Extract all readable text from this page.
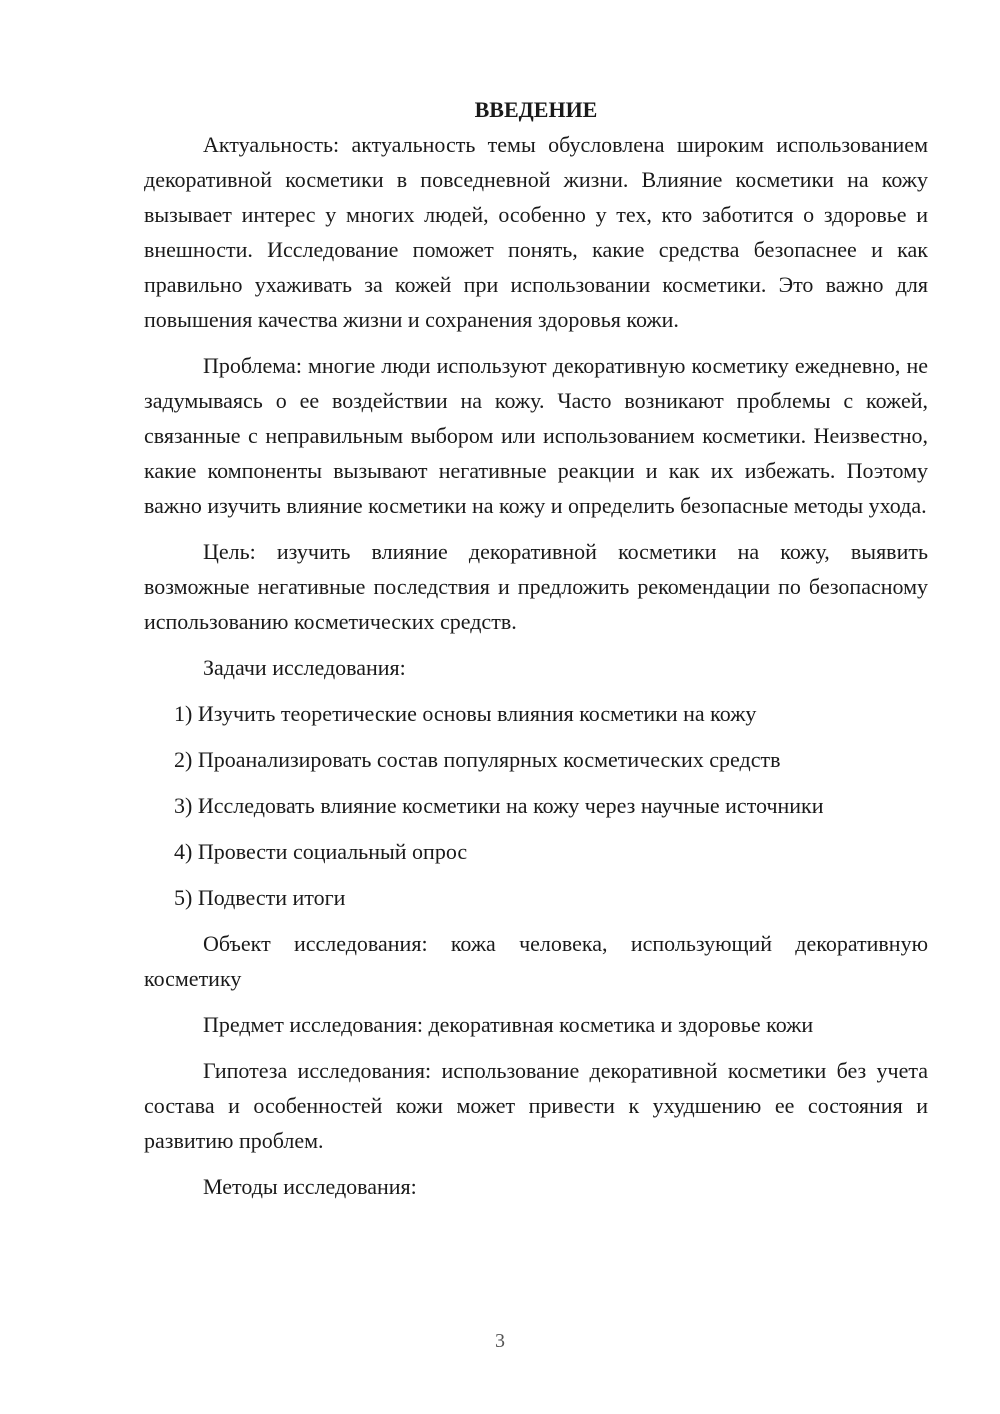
ВВЕДЕНИЕ

Актуальность: актуальность темы обусловлена широким использованием декоративной косметики в повседневной жизни. Влияние косметики на кожу вызывает интерес у многих людей, особенно у тех, кто заботится о здоровье и внешности. Исследование поможет понять, какие средства безопаснее и как правильно ухаживать за кожей при использовании косметики. Это важно для повышения качества жизни и сохранения здоровья кожи.

Проблема: многие люди используют декоративную косметику ежедневно, не задумываясь о ее воздействии на кожу. Часто возникают проблемы с кожей, связанные с неправильным выбором или использованием косметики. Неизвестно, какие компоненты вызывают негативные реакции и как их избежать. Поэтому важно изучить влияние косметики на кожу и определить безопасные методы ухода.

Цель: изучить влияние декоративной косметики на кожу, выявить возможные негативные последствия и предложить рекомендации по безопасному использованию косметических средств.

Задачи исследования:

1) Изучить теоретические основы влияния косметики на кожу
2) Проанализировать состав популярных косметических средств
3) Исследовать влияние косметики на кожу через научные источники
4) Провести социальный опрос
5) Подвести итоги

Объект исследования: кожа человека, использующий декоративную косметику

Предмет исследования: декоративная косметика и здоровье кожи

Гипотеза исследования: использование декоративной косметики без учета состава и особенностей кожи может привести к ухудшению ее состояния и развитию проблем.

Методы исследования:

3
